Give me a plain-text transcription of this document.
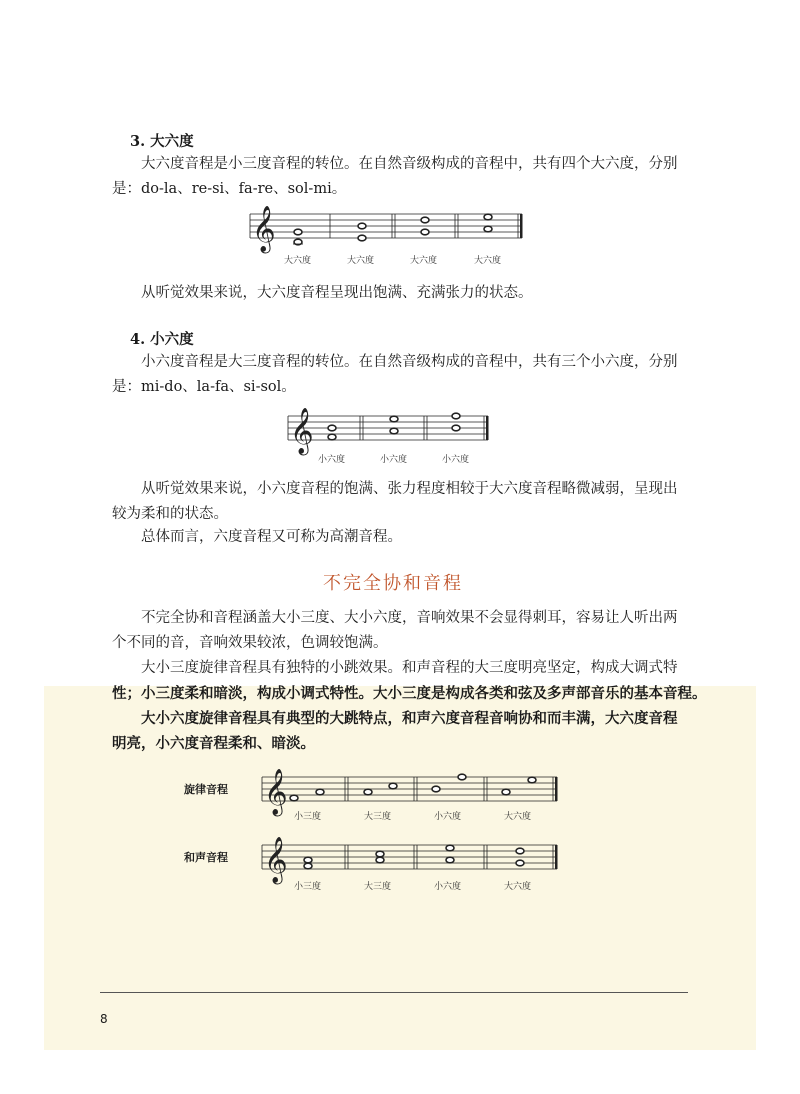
3. 大六度

大六度音程是小三度音程的转位。在自然音级构成的音程中，共有四个大六度，分别
是：do-la、re-si、fa-re、sol-mi。

𝄞
大六度	大六度	大六度	大六度

从听觉效果来说，大六度音程呈现出饱满、充满张力的状态。

4. 小六度

小六度音程是大三度音程的转位。在自然音级构成的音程中，共有三个小六度，分别
是：mi-do、la-fa、si-sol。

𝄞
小六度	小六度	小六度

从听觉效果来说，小六度音程的饱满、张力程度相较于大六度音程略微减弱，呈现出
较为柔和的状态。

总体而言，六度音程又可称为高潮音程。

不完全协和音程

不完全协和音程涵盖大小三度、大小六度，音响效果不会显得刺耳，容易让人听出两
个不同的音，音响效果较浓，色调较饱满。

大小三度旋律音程具有独特的小跳效果。和声音程的大三度明亮坚定，构成大调式特
性；小三度柔和暗淡，构成小调式特性。大小三度是构成各类和弦及多声部音乐的基本音程。

大小六度旋律音程具有典型的大跳特点，和声六度音程音响协和而丰满，大六度音程
明亮，小六度音程柔和、暗淡。

旋律音程 𝄞
小三度	大三度	小六度	大六度

和声音程 𝄞
小三度	大三度	小六度	大六度

8
